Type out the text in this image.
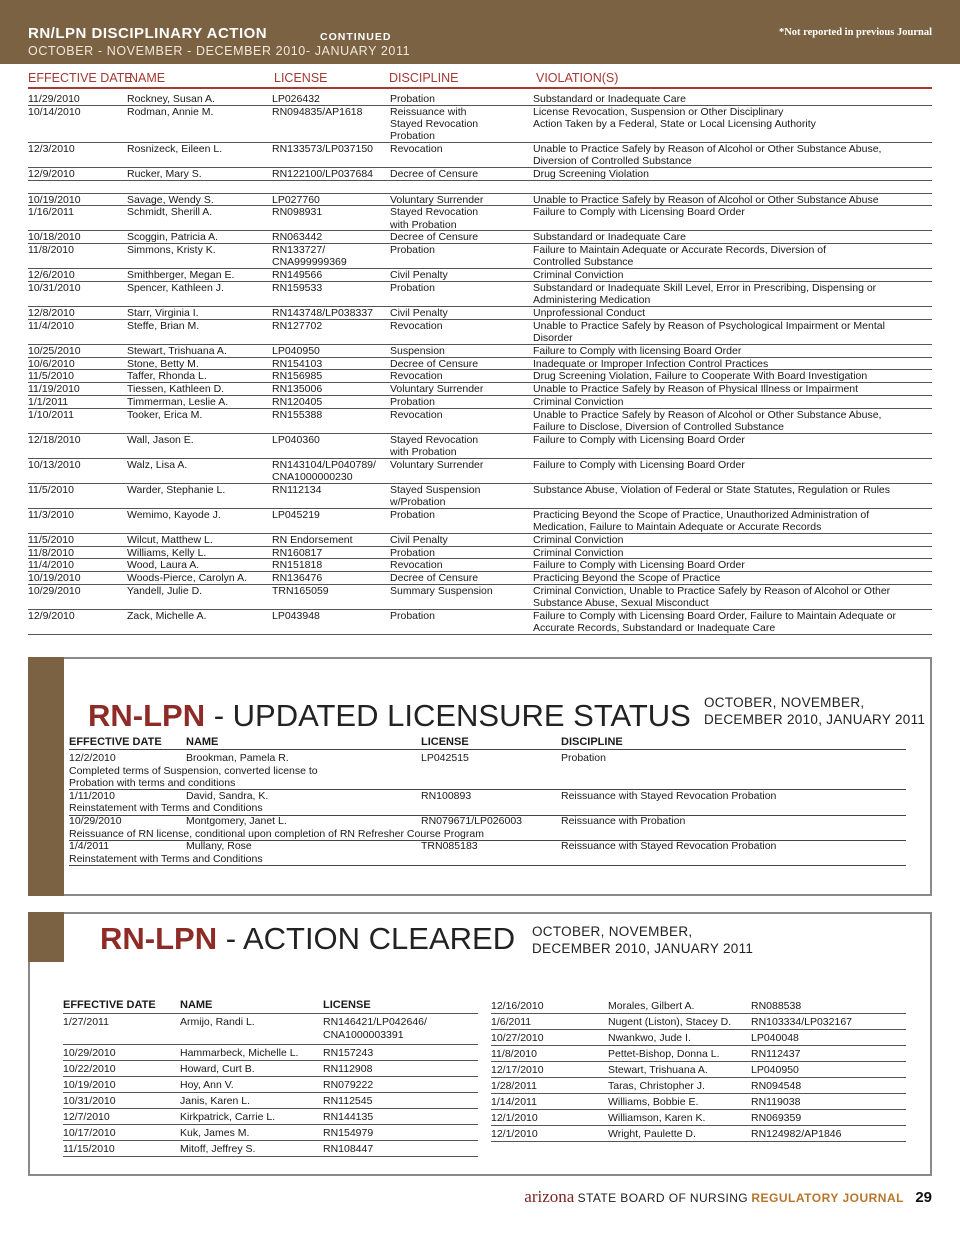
RN/LPN DISCIPLINARY ACTION	CONTINUED	*Not reported in previous Journal
OCTOBER - NOVEMBER - DECEMBER 2010- JANUARY 2011
EFFECTIVE DATE
NAME	LICENSE	DISCIPLINE	VIOLATION(S)
11/29/2010	Rockney, Susan A.	LP026432	Probation	Substandard or Inadequate Care
10/14/2010	Rodman, Annie M.	RN094835/AP1618	Reissuance with
Stayed Revocation
Probation
License Revocation, Suspension or Other Disciplinary
Action Taken by a Federal, State or Local Licensing Authority
12/3/2010	Rosnizeck, Eileen L.	RN133573/LP037150 Revocation	Unable to Practice Safely by Reason of Alcohol or Other Substance Abuse,
Diversion of Controlled Substance
12/9/2010	Rucker, Mary S.	RN122100/LP037684 Decree of Censure	Drug Screening Violation
10/19/2010	Savage, Wendy S.	LP027760	Voluntary Surrender	Unable to Practice Safely by Reason of Alcohol or Other Substance Abuse
1/16/2011	Schmidt, Sherill A.	RN098931	Stayed Revocation
with Probation
Failure to Comply with Licensing Board Order
10/18/2010	Scoggin, Patricia A.	RN063442	Decree of Censure	Substandard or Inadequate Care
11/8/2010	Simmons, Kristy K.	RN133727/
CNA999999369
Probation	Failure to Maintain Adequate or Accurate Records, Diversion of
Controlled Substance
12/6/2010	Smithberger, Megan E.	RN149566	Civil Penalty	Criminal Conviction
10/31/2010	Spencer, Kathleen J.	RN159533	Probation	Substandard or Inadequate Skill Level, Error in Prescribing, Dispensing or
Administering Medication
12/8/2010	Starr, Virginia I.	RN143748/LP038337 Civil Penalty	Unprofessional Conduct
11/4/2010	Steffe, Brian M.	RN127702	Revocation	Unable to Practice Safely by Reason of Psychological Impairment or Mental
Disorder
10/25/2010	Stewart, Trishuana A.	LP040950	Suspension	Failure to Comply with licensing Board Order
10/6/2010	Stone, Betty M.	RN154103	Decree of Censure	Inadequate or Improper Infection Control Practices
11/5/2010	Taffer, Rhonda L.	RN156985	Revocation	Drug Screening Violation, Failure to Cooperate With Board Investigation
11/19/2010	Tiessen, Kathleen D.	RN135006	Voluntary Surrender	Unable to Practice Safely by Reason of Physical Illness or Impairment
1/1/2011	Timmerman, Leslie A.	RN120405	Probation	Criminal Conviction
1/10/2011	Tooker, Erica M.	RN155388	Revocation	Unable to Practice Safely by Reason of Alcohol or Other Substance Abuse,
Failure to Disclose, Diversion of Controlled Substance
12/18/2010	Wall, Jason E.	LP040360	Stayed Revocation
with Probation
Failure to Comply with Licensing Board Order
10/13/2010	Walz, Lisa A.	RN143104/LP040789/
CNA1000000230
Voluntary Surrender	Failure to Comply with Licensing Board Order
11/5/2010	Warder, Stephanie L.	RN112134	Stayed Suspension
w/Probation
Substance Abuse, Violation of Federal or State Statutes, Regulation or Rules
11/3/2010	Wemimo, Kayode J.	LP045219	Probation	Practicing Beyond the Scope of Practice, Unauthorized Administration of
Medication, Failure to Maintain Adequate or Accurate Records
11/5/2010	Wilcut, Matthew L.	RN Endorsement	Civil Penalty	Criminal Conviction
11/8/2010	Williams, Kelly L.	RN160817	Probation	Criminal Conviction
11/4/2010	Wood, Laura A.	RN151818	Revocation	Failure to Comply with Licensing Board Order
10/19/2010	Woods-Pierce, Carolyn A. RN136476	Decree of Censure	Practicing Beyond the Scope of Practice
10/29/2010	Yandell, Julie D.	TRN165059	Summary Suspension	Criminal Conviction, Unable to Practice Safely by Reason of Alcohol or Other
Substance Abuse, Sexual Misconduct
12/9/2010	Zack, Michelle A.	LP043948	Probation	Failure to Comply with Licensing Board Order, Failure to Maintain Adequate or
Accurate Records, Substandard or Inadequate Care
RN-LPN - UPDATED LICENSURE STATUS OCTOBER, NOVEMBER,
DECEMBER 2010, JANUARY 2011
EFFECTIVE DATE NAME	LICENSE	DISCIPLINE
12/2/2010	Brookman, Pamela R.	LP042515	Probation
Completed terms of Suspension, converted license to
Probation with terms and conditions
1/11/2010	David, Sandra, K.	RN100893	Reissuance with Stayed Revocation Probation
Reinstatement with Terms and Conditions
10/29/2010	Montgomery, Janet L.	RN079671/LP026003	Reissuance with Probation
Reissuance of RN license, conditional upon completion of RN Refresher Course Program
1/4/2011	Mullany, Rose	TRN085183	Reissuance with Stayed Revocation Probation
Reinstatement with Terms and Conditions
RN-LPN - ACTION CLEARED OCTOBER, NOVEMBER,
DECEMBER 2010, JANUARY 2011
EFFECTIVE DATE NAME	LICENSE
1/27/2011	Armijo, Randi L.	RN146421/LP042646/
CNA1000003391
10/29/2010	Hammarbeck, Michelle L. RN157243
10/22/2010	Howard, Curt B.	RN112908
10/19/2010	Hoy, Ann V.	RN079222
10/31/2010	Janis, Karen L.	RN112545
12/7/2010	Kirkpatrick, Carrie L.	RN144135
10/17/2010	Kuk, James M.	RN154979
11/15/2010	Mitoff, Jeffrey S.	RN108447
12/16/2010	Morales, Gilbert A.	RN088538
1/6/2011	Nugent (Liston), Stacey D. RN103334/LP032167
10/27/2010	Nwankwo, Jude I.	LP040048
11/8/2010	Pettet-Bishop, Donna L.	RN112437
12/17/2010	Stewart, Trishuana A.	LP040950
1/28/2011	Taras, Christopher J.	RN094548
1/14/2011	Williams, Bobbie E.	RN119038
12/1/2010	Williamson, Karen K.	RN069359
12/1/2010	Wright, Paulette D.	RN124982/AP1846
arizona STATE BOARD OF NURSING REGULATORY JOURNAL 29
